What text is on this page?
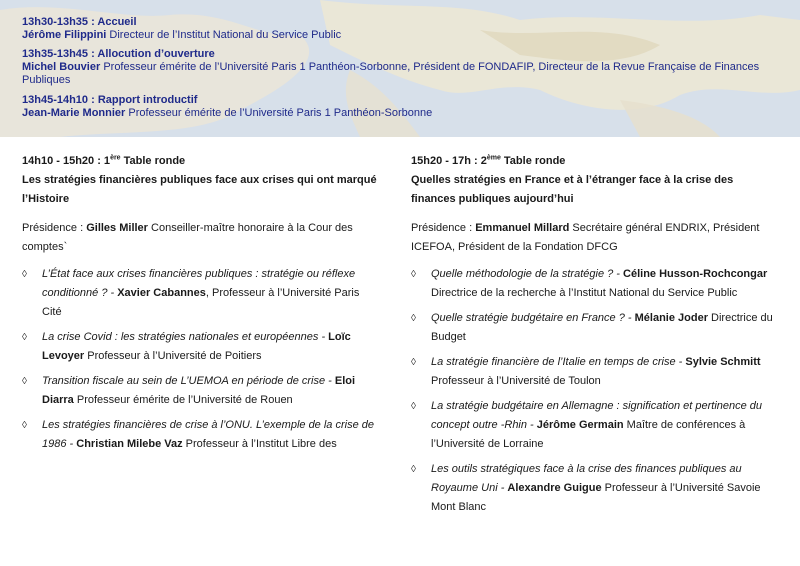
13h30-13h35 : Accueil
Jérôme Filippini Directeur de l’Institut National du Service Public
13h35-13h45 : Allocution d’ouverture
Michel Bouvier Professeur émérite de l’Université Paris 1 Panthéon-Sorbonne, Président de FONDAFIP, Directeur de la Revue Française de Finances Publiques
13h45-14h10 : Rapport introductif
Jean-Marie Monnier Professeur émérite de l’Université Paris 1 Panthéon-Sorbonne

14h10 - 15h20 : 1ère Table ronde

Les stratégies financières publiques face aux crises qui ont marqué l’Histoire

Présidence : Gilles Miller Conseiller-maître honoraire à la Cour des comptes`

◊ L’État face aux crises financières publiques : stratégie ou réflexe conditionné ? - Xavier Cabannes, Professeur à l’Université Paris Cité
◊ La crise Covid : les stratégies nationales et européennes - Loïc Levoyer Professeur à l’Université de Poitiers
◊ Transition fiscale au sein de L’UEMOA en période de crise - Eloi Diarra Professeur émérite de l’Université de Rouen
◊ Les stratégies financières de crise à l’ONU. L’exemple de la crise de 1986 - Christian Milebe Vaz Professeur à l’Institut Libre des

15h20 - 17h : 2ème Table ronde

Quelles stratégies en France et à l’étranger face à la crise des finances publiques aujourd’hui

Présidence : Emmanuel Millard Secrétaire général ENDRIX, Président ICEFOA, Président de la Fondation DFCG

◊ Quelle méthodologie de la stratégie ? - Céline Husson-Rochcongar Directrice de la recherche à l’Institut National du Service Public
◊ Quelle stratégie budgétaire en France ? - Mélanie Joder Directrice du Budget
◊ La stratégie financière de l’Italie en temps de crise - Sylvie Schmitt Professeur à l’Université de Toulon
◊ La stratégie budgétaire en Allemagne : signification et pertinence du concept outre -Rhin - Jérôme Germain Maître de conférences à l’Université de Lorraine
◊ Les outils stratégiques face à la crise des finances publiques au Royaume Uni - Alexandre Guigue Professeur à l’Université Savoie Mont Blanc
